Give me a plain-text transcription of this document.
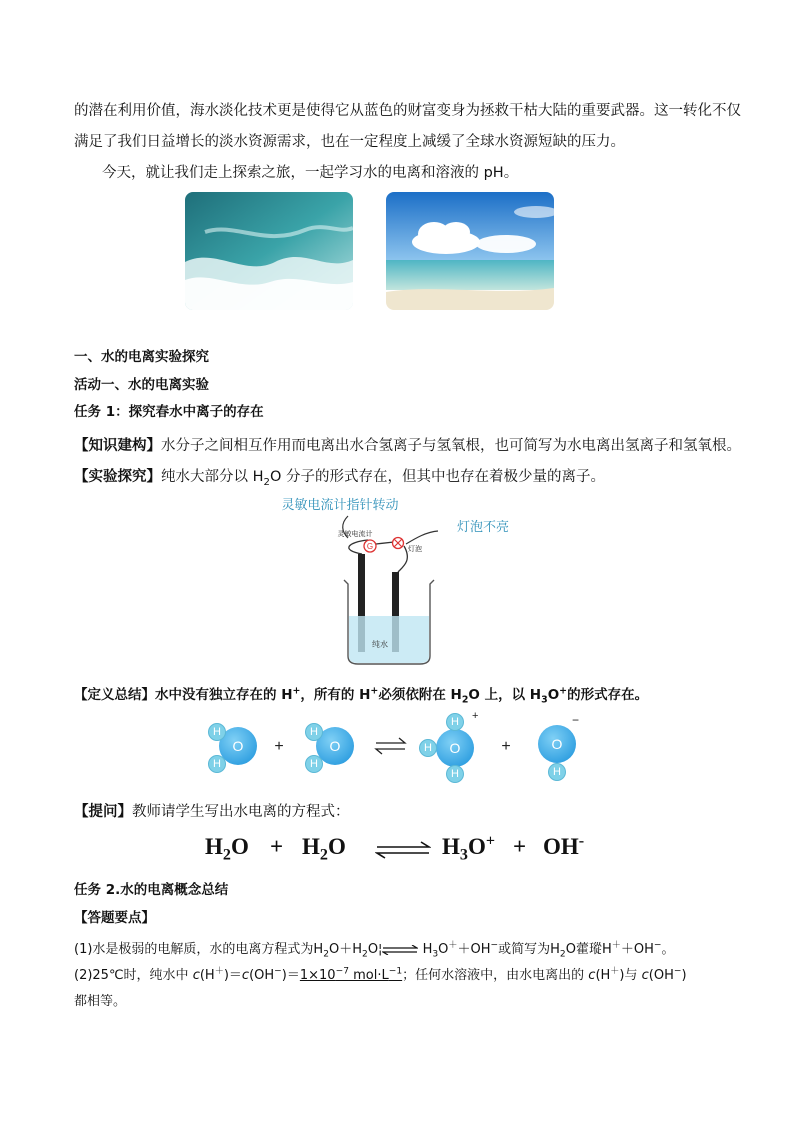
的潜在利用价值，海水淡化技术更是使得它从蓝色的财富变身为拯救干枯大陆的重要武器。这一转化不仅
满足了我们日益增长的淡水资源需求，也在一定程度上减缓了全球水资源短缺的压力。
今天，就让我们走上探索之旅，一起学习水的电离和溶液的 pH。
一、水的电离实验探究
活动一、水的电离实验
任务 1：探究春水中离子的存在
【知识建构】水分子之间相互作用而电离出水合氢离子与氢氧根，也可简写为水电离出氢离子和氢氧根。
【实验探究】纯水大部分以 $H_2O$ 分子的形式存在，但其中也存在着极少量的离子。
灵敏电流计指针转动
灯泡不亮
灵敏电流计
灯泡
G
纯水
【定义总结】水中没有独立存在的 H+，所有的 H+必须依附在 $H_2O$ 上，以 $H_3O^+$的形式存在。
O
H
H
+	O
H
H
O
H
H
H
+
+	O
H
−
【提问】教师请学生写出水电离的方程式：
$H_2O + H_2O$	$H_3O^+ + OH^-$
任务 2.水的电离概念总结
【答题要点】
(1)水是极弱的电解质，水的电离方程式为$H_2O+H_2O¦\rightleftharpoons$ $H_3O^++OH^-$或简写为$H_2O$藿瑽H＋＋OH−。
(2)25℃时，纯水中 $c(H^+)=c(OH^-)=1\times 10^{-7}$ $mol\cdot L^{-1}$；任何水溶液中，由水电离出的 c(H＋)与 c(OH−)
都相等。
